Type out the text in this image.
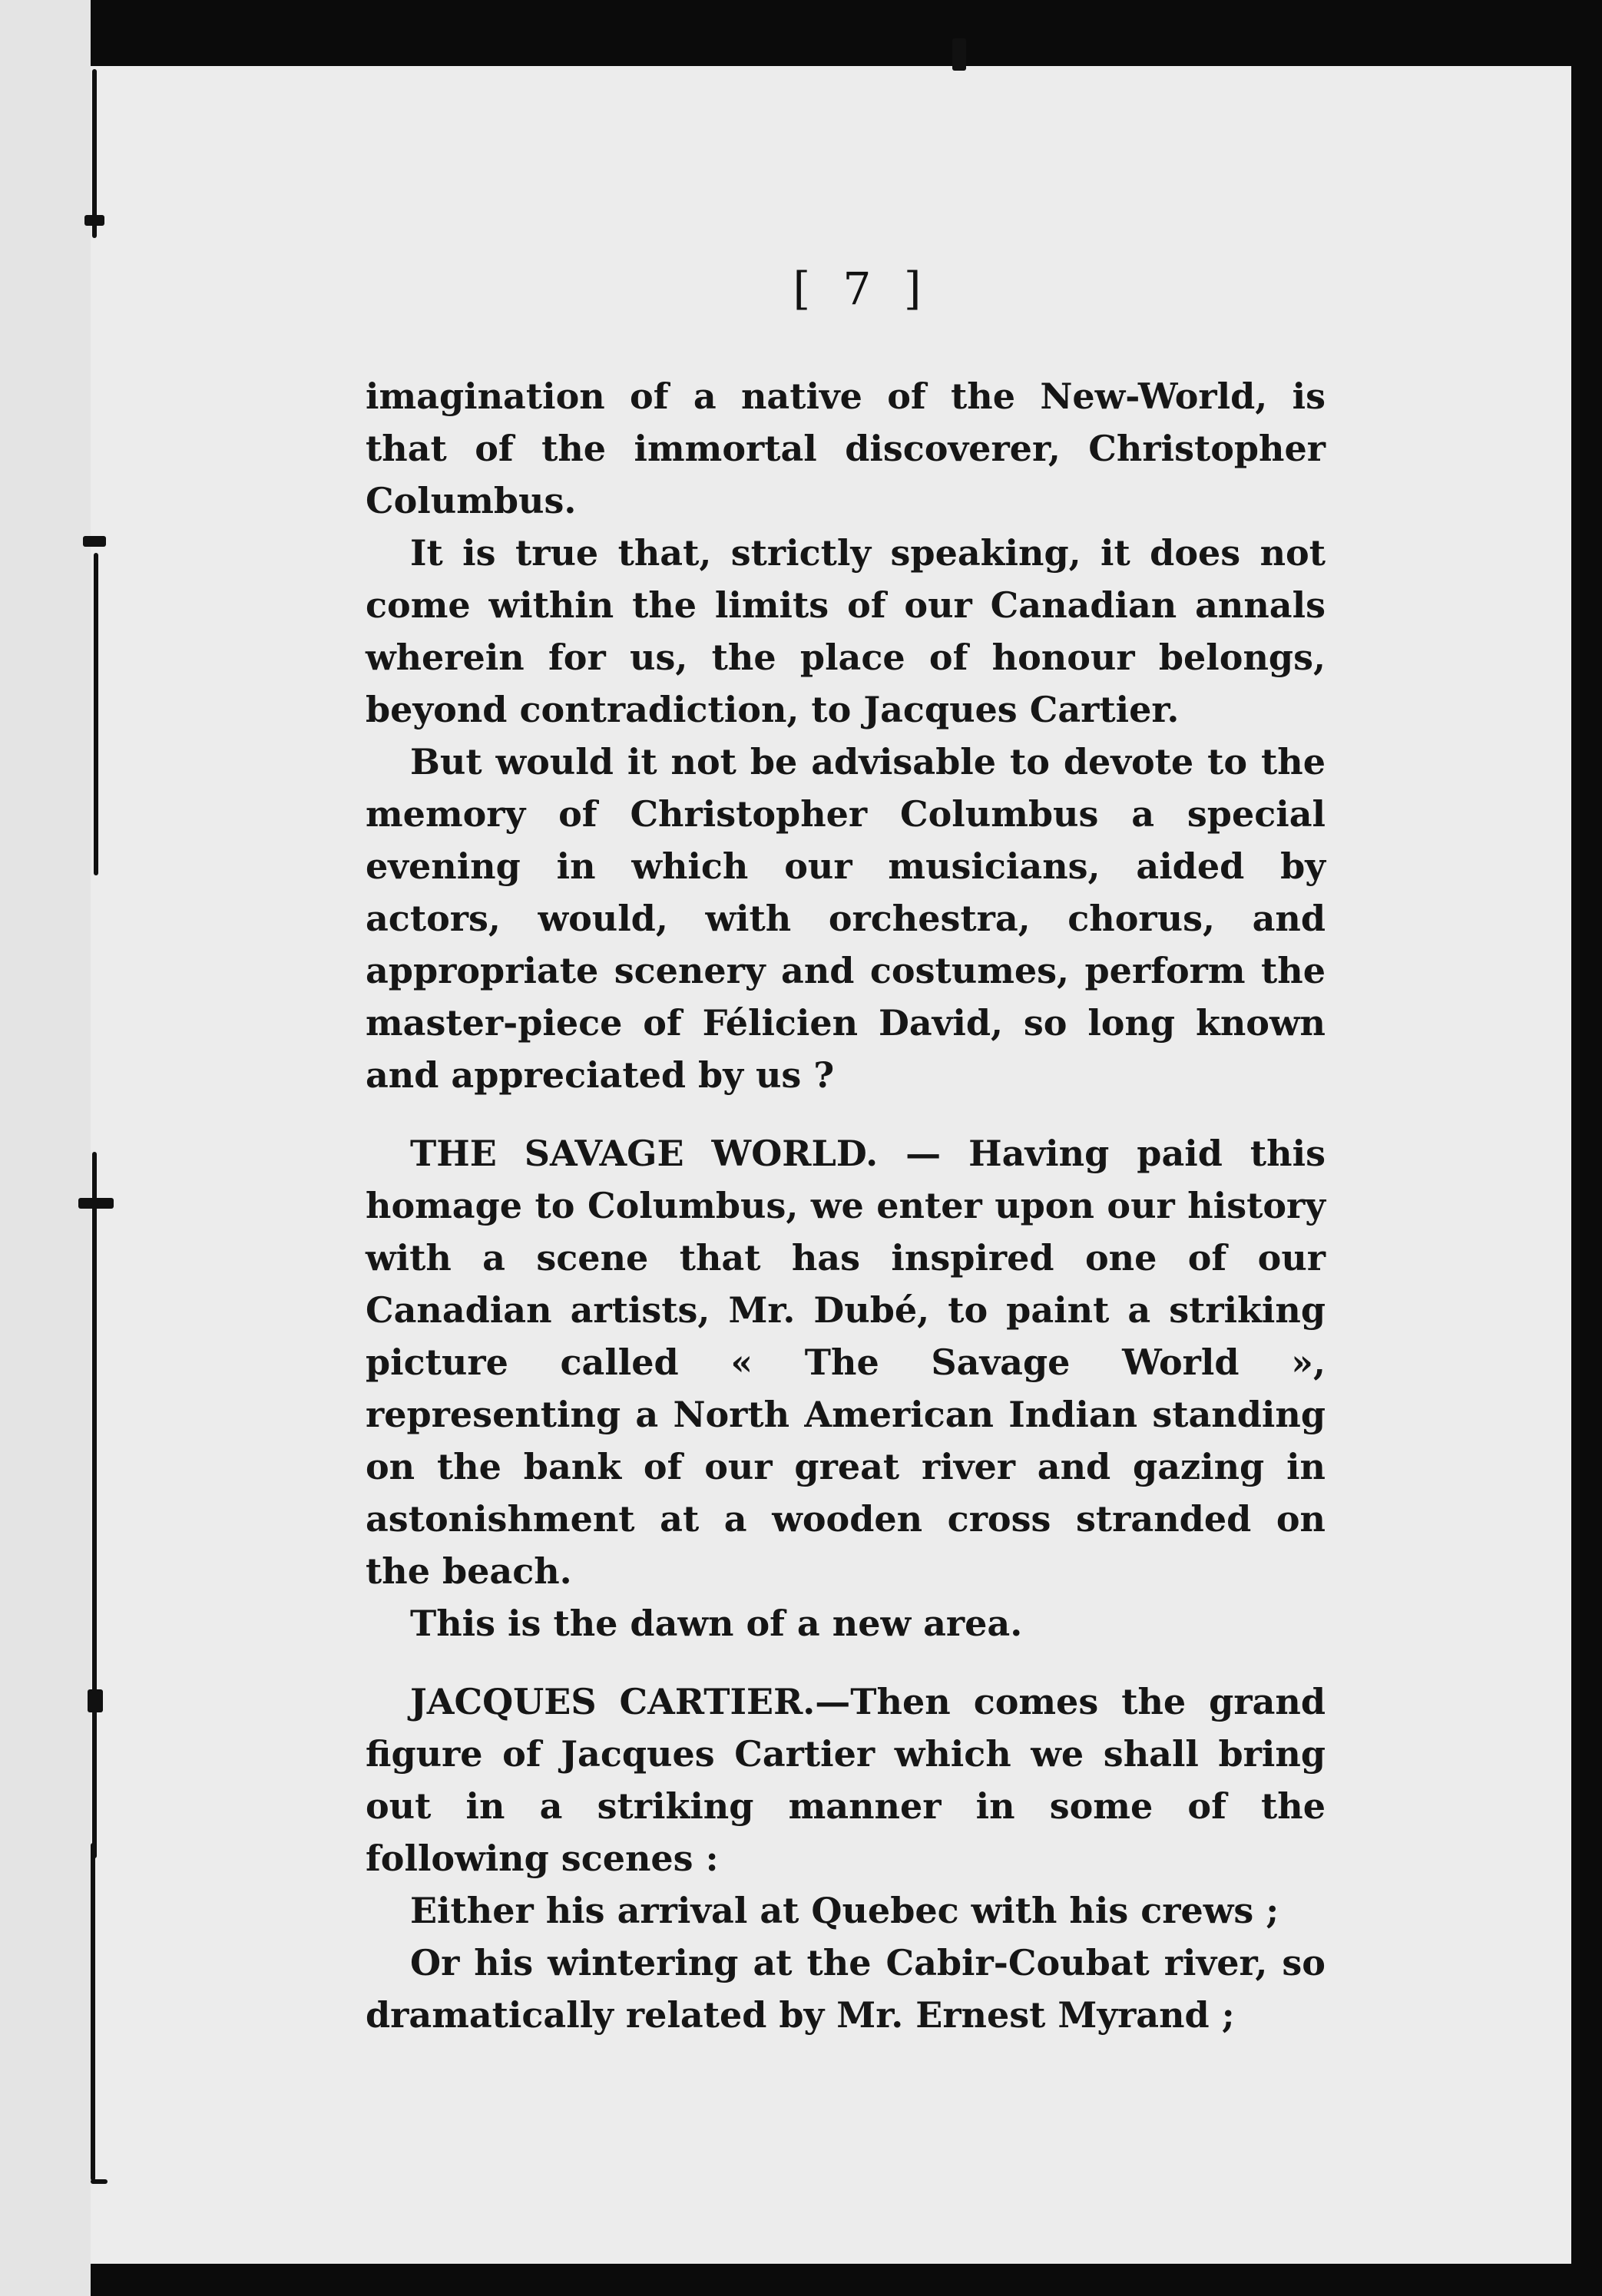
[ 7 ]

imagination of a native of the New-World, is that of the immortal discoverer, Christopher Columbus.

It is true that, strictly speaking, it does not come within the limits of our Canadian annals wherein for us, the place of honour belongs, beyond contradiction, to Jacques Cartier.

But would it not be advisable to devote to the memory of Christopher Columbus a special evening in which our musicians, aided by actors, would, with orchestra, chorus, and appropriate scenery and costumes, perform the master-piece of Félicien David, so long known and appreciated by us ?

THE SAVAGE WORLD. — Having paid this homage to Columbus, we enter upon our history with a scene that has inspired one of our Canadian artists, Mr. Dubé, to paint a striking picture called « The Savage World », representing a North American Indian standing on the bank of our great river and gazing in astonishment at a wooden cross stranded on the beach.

This is the dawn of a new area.

JACQUES CARTIER.—Then comes the grand figure of Jacques Cartier which we shall bring out in a striking manner in some of the following scenes :

Either his arrival at Quebec with his crews ;

Or his wintering at the Cabir-Coubat river, so dramatically related by Mr. Ernest Myrand ;
